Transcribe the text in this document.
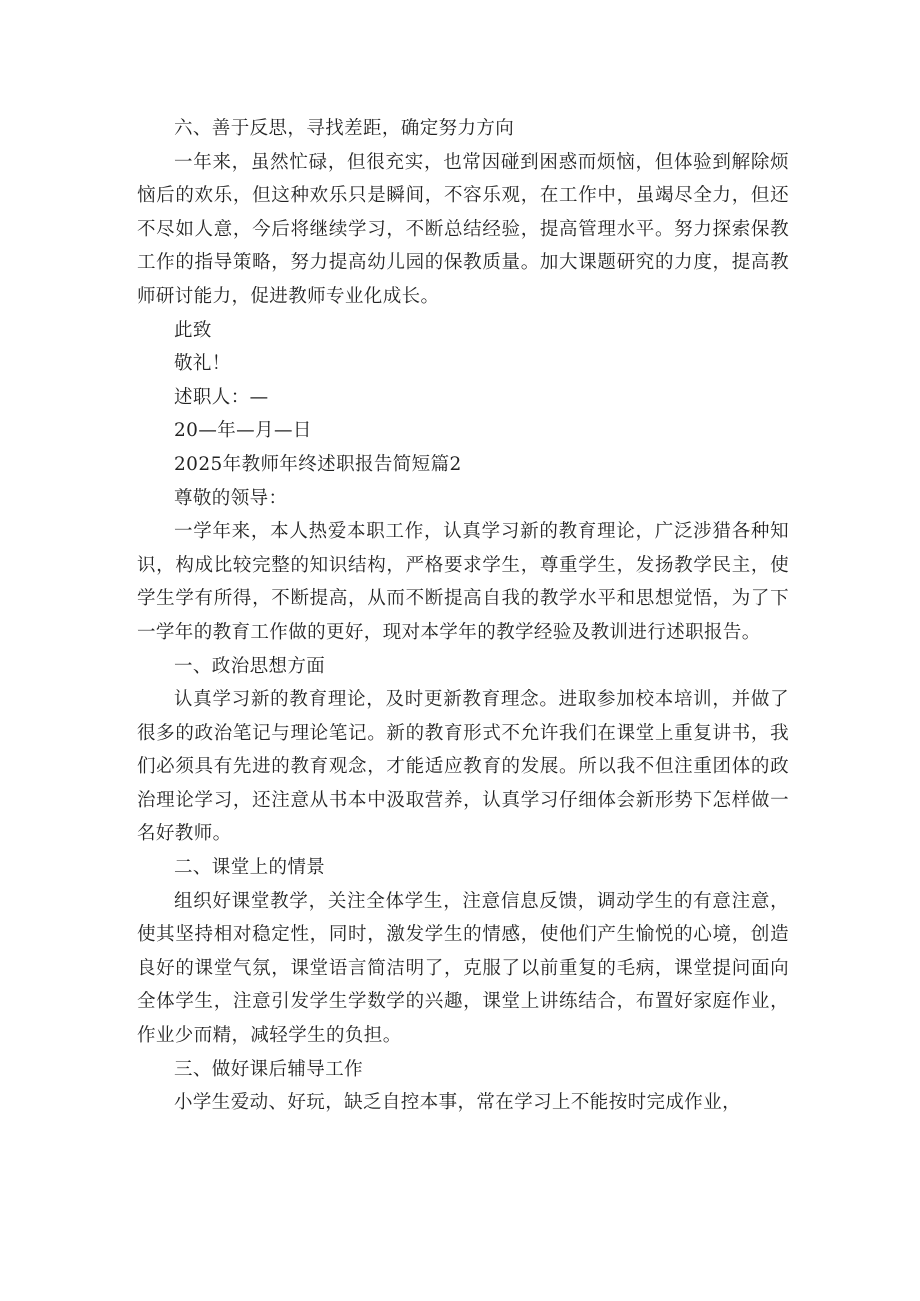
六、善于反思，寻找差距，确定努力方向

一年来，虽然忙碌，但很充实，也常因碰到困惑而烦恼，但体验到解除烦恼后的欢乐，但这种欢乐只是瞬间，不容乐观，在工作中，虽竭尽全力，但还不尽如人意，今后将继续学习，不断总结经验，提高管理水平。努力探索保教工作的指导策略，努力提高幼儿园的保教质量。加大课题研究的力度，提高教师研讨能力，促进教师专业化成长。

此致

敬礼！

述职人：—

20—年—月—日

2025年教师年终述职报告简短篇2

尊敬的领导：

一学年来，本人热爱本职工作，认真学习新的教育理论，广泛涉猎各种知识，构成比较完整的知识结构，严格要求学生，尊重学生，发扬教学民主，使学生学有所得，不断提高，从而不断提高自我的教学水平和思想觉悟，为了下一学年的教育工作做的更好，现对本学年的教学经验及教训进行述职报告。

一、政治思想方面

认真学习新的教育理论，及时更新教育理念。进取参加校本培训，并做了很多的政治笔记与理论笔记。新的教育形式不允许我们在课堂上重复讲书，我们必须具有先进的教育观念，才能适应教育的发展。所以我不但注重团体的政治理论学习，还注意从书本中汲取营养，认真学习仔细体会新形势下怎样做一名好教师。

二、课堂上的情景

组织好课堂教学，关注全体学生，注意信息反馈，调动学生的有意注意，使其坚持相对稳定性，同时，激发学生的情感，使他们产生愉悦的心境，创造良好的课堂气氛，课堂语言简洁明了，克服了以前重复的毛病，课堂提问面向全体学生，注意引发学生学数学的兴趣，课堂上讲练结合，布置好家庭作业，作业少而精，减轻学生的负担。

三、做好课后辅导工作

小学生爱动、好玩，缺乏自控本事，常在学习上不能按时完成作业，
